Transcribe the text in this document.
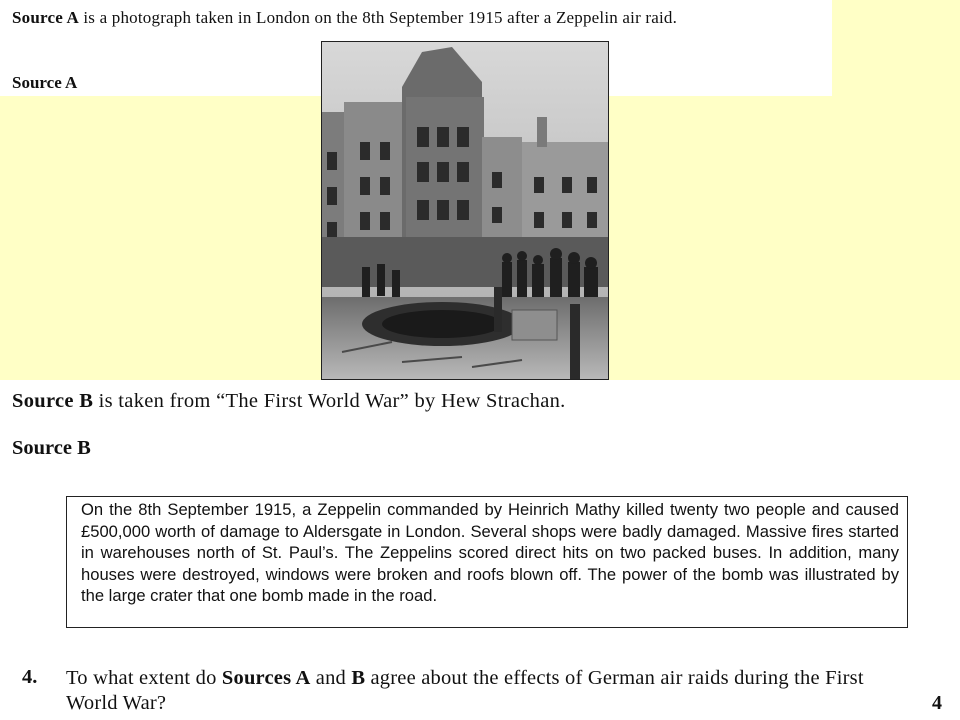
Source A is a photograph taken in London on the 8th September 1915 after a Zeppelin air raid.
Source A
Source B is taken from “The First World War” by Hew Strachan.
Source B
On the 8th September 1915, a Zeppelin commanded by Heinrich Mathy killed twenty two people and caused £500,000 worth of damage to Aldersgate in London. Several shops were badly damaged. Massive fires started in warehouses north of St. Paul’s. The Zeppelins scored direct hits on two packed buses. In addition, many houses were destroyed, windows were broken and roofs blown off. The power of the bomb was illustrated by the large crater that one bomb made in the road.
4. To what extent do Sources A and B agree about the effects of German air raids during the First World War?	4
